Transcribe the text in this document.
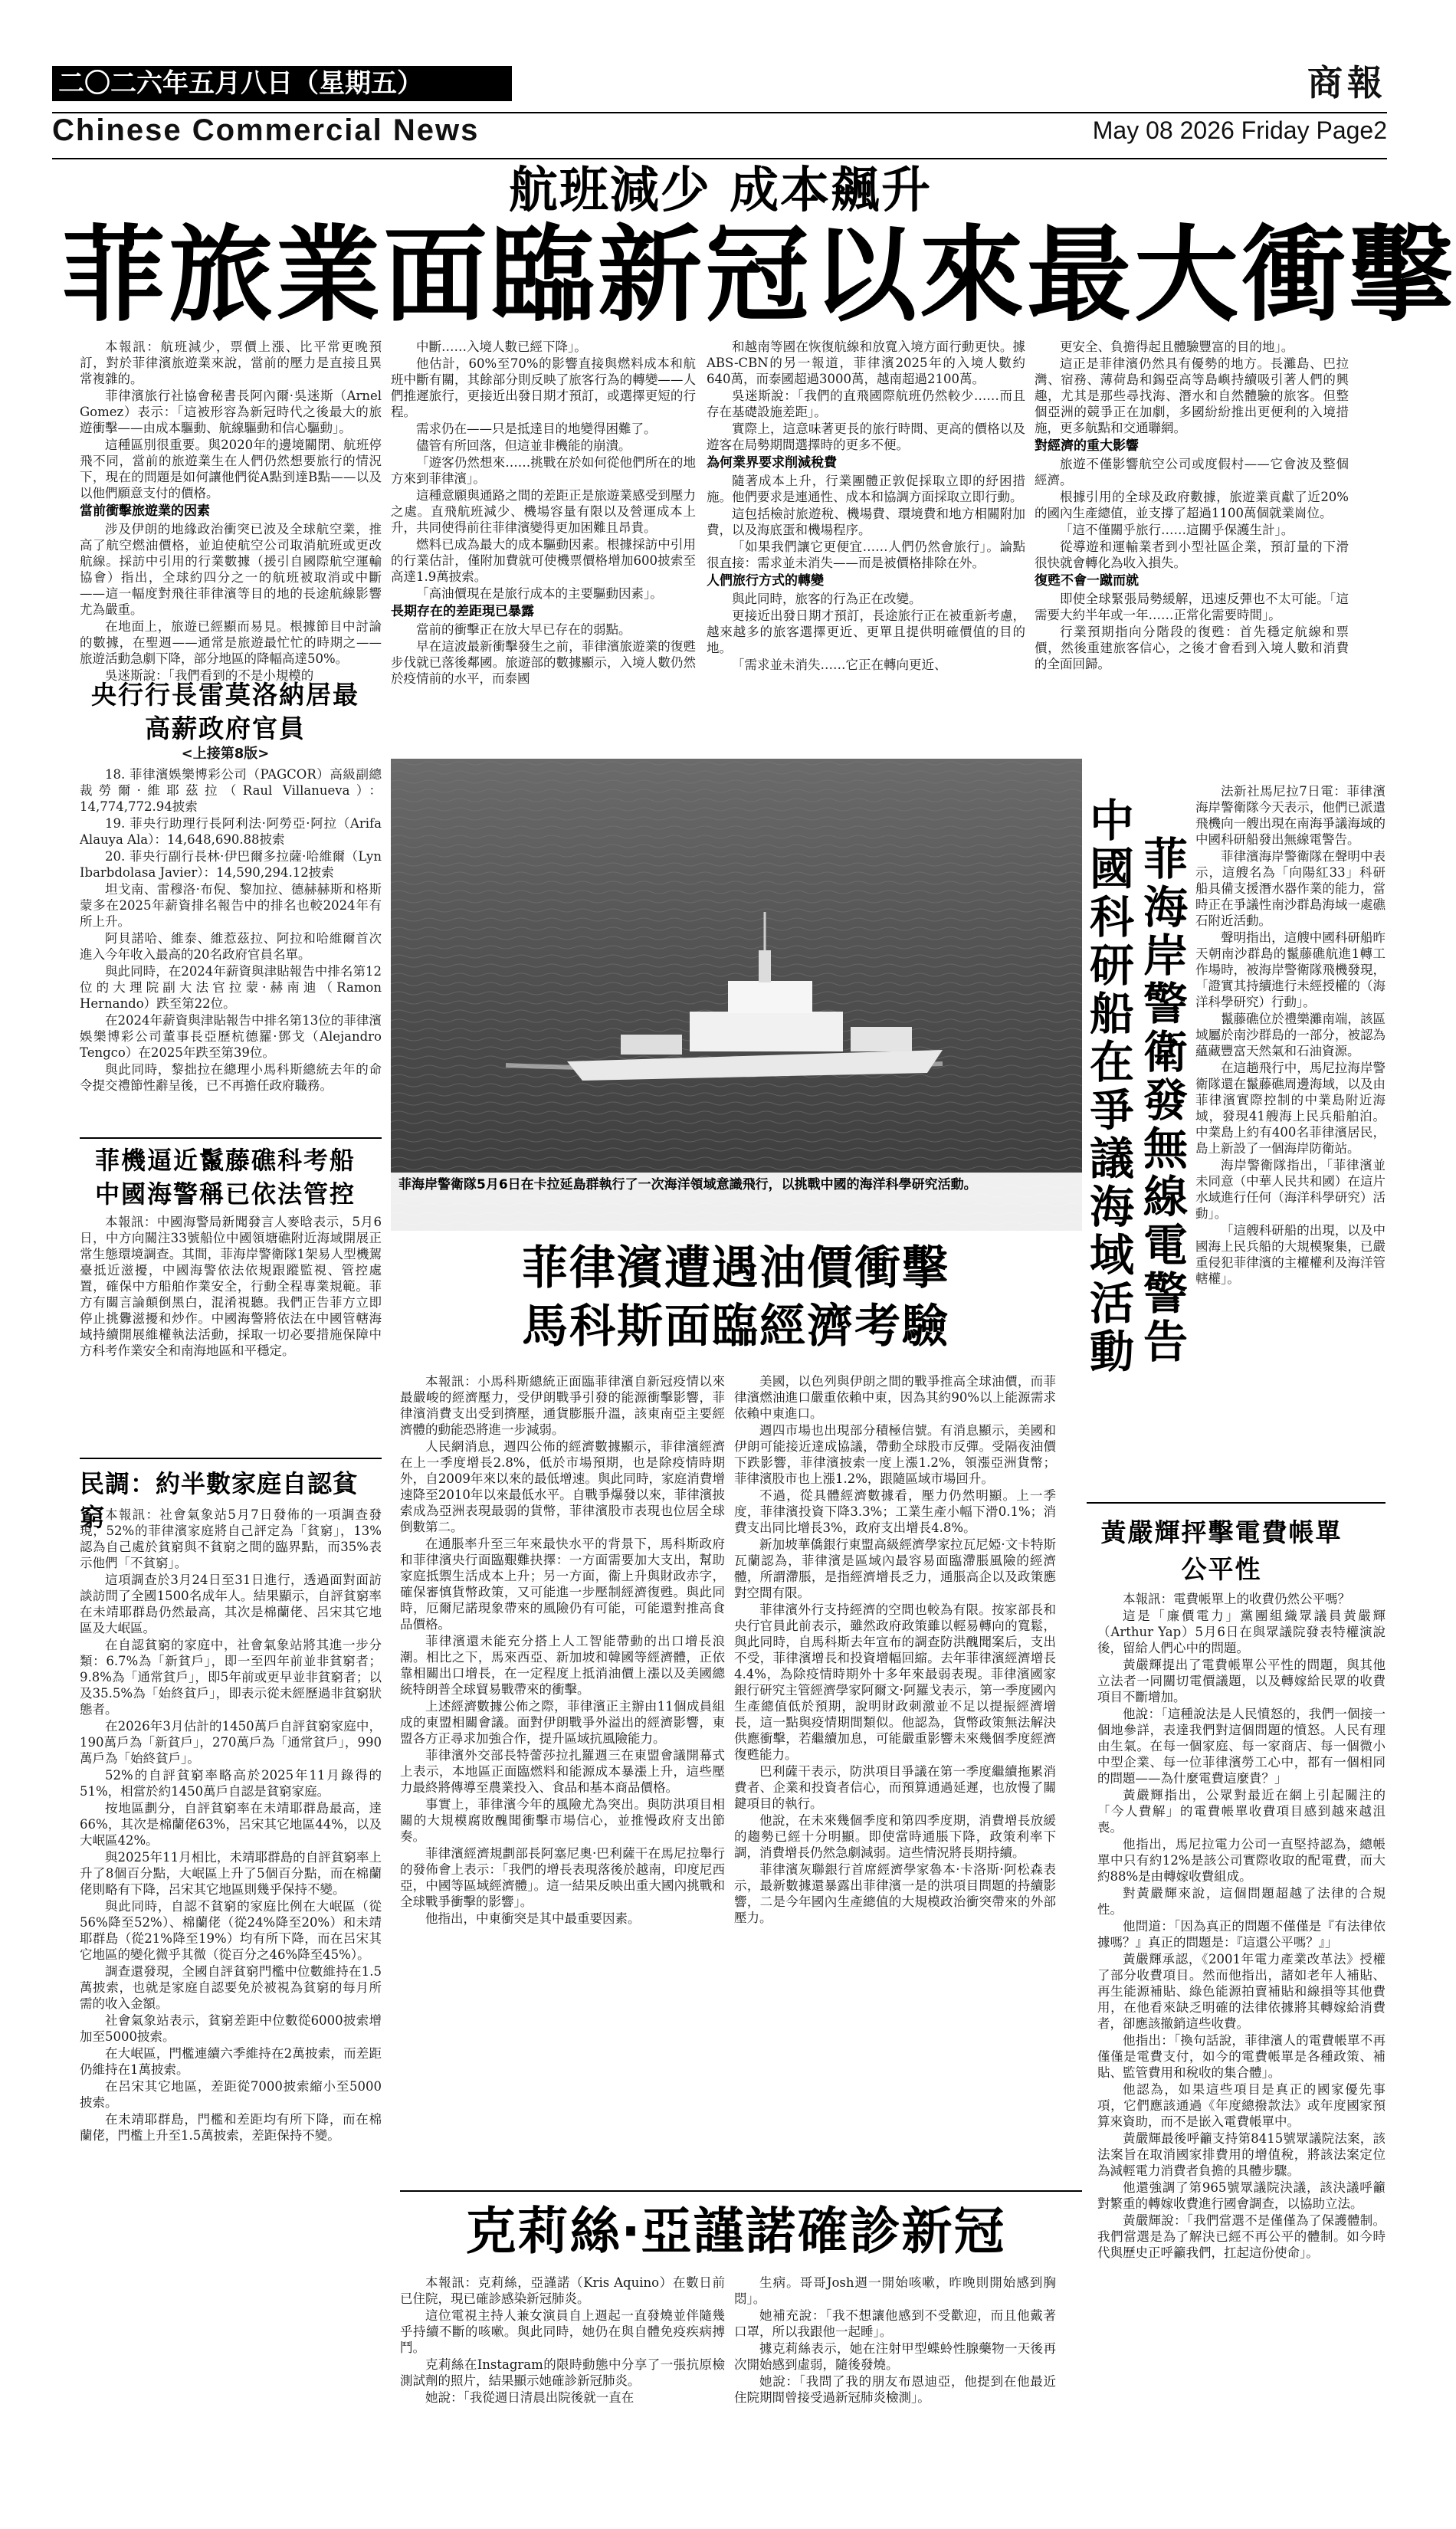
二〇二六年五月八日（星期五）	商報
Chinese Commercial News	May 08 2026 Friday Page2
航班減少 成本飆升
菲旅業面臨新冠以來最大衝擊
本報訊：航班減少，票價上漲、比平常更晚預訂，對於菲律濱旅遊業來說，當前的壓力是直接且異常複雜的。
菲律濱旅行社協會秘書長阿內爾·吳迷斯（Arnel Gomez）表示：「這被形容為新冠時代之後最大的旅遊衝擊——由成本驅動、航線驅動和信心驅動」。
這種區別很重要。與2020年的邊境關閉、航班停飛不同，當前的旅遊業生在人們仍然想要旅行的情況下，現在的問題是如何讓他們從A點到達B點——以及以他們願意支付的價格。
當前衝擊旅遊業的因素
涉及伊朗的地緣政治衝突已波及全球航空業，推高了航空燃油價格，並迫使航空公司取消航班或更改航線。採訪中引用的行業數據（援引自國際航空運輸協會）指出，全球約四分之一的航班被取消或中斷——這一幅度對飛往菲律濱等目的地的長途航線影響尤為嚴重。
在地面上，旅遊已經顯而易見。根據節目中討論的數據，在聖週——通常是旅遊最忙忙的時期之——旅遊活動急劇下降，部分地區的降幅高達50%。
吳迷斯說：「我們看到的不是小規模的
中斷……入境人數已經下降」。
他估計，60%至70%的影響直接與燃料成本和航班中斷有關，其餘部分則反映了旅客行為的轉變——人們推遲旅行，更接近出發日期才預訂，或選擇更短的行程。
需求仍在——只是抵達目的地變得困難了。
儘管有所回落，但這並非機能的崩潰。
「遊客仍然想來……挑戰在於如何從他們所在的地方來到菲律濱」。
這種意願與通路之間的差距正是旅遊業感受到壓力之處。直飛航班減少、機場容量有限以及營運成本上升，共同使得前往菲律濱變得更加困難且昂貴。
燃料已成為最大的成本驅動因素。根據採訪中引用的行業估計，僅附加費就可使機票價格增加600披索至高達1.9萬披索。
「高油價現在是旅行成本的主要驅動因素」。
長期存在的差距現已暴露
當前的衝擊正在放大早已存在的弱點。
早在這波最新衝擊發生之前，菲律濱旅遊業的復甦步伐就已落後鄰國。旅遊部的數據顯示，入境人數仍然於疫情前的水平，而泰國
和越南等國在恢復航線和放寬入境方面行動更快。據ABS-CBN的另一報道，菲律濱2025年的入境人數約640萬，而泰國超過3000萬，越南超過2100萬。
吳迷斯說：「我們的直飛國際航班仍然較少……而且存在基礎設施差距」。
實際上，這意味著更長的旅行時間、更高的價格以及遊客在局勢期間選擇時的更多不便。
為何業界要求削減稅費
隨著成本上升，行業團體正敦促採取立即的紓困措施。他們要求是連通性、成本和協調方面採取立即行動。
這包括檢討旅遊稅、機場費、環境費和地方相關附加費，以及海底蛋和機場程序。
「如果我們讓它更便宜……人們仍然會旅行」。論點很直接：需求並未消失——而是被價格排除在外。
人們旅行方式的轉變
與此同時，旅客的行為正在改變。
更接近出發日期才預訂，長途旅行正在被重新考慮，越來越多的旅客選擇更近、更單且提供明確價值的目的地。
「需求並未消失……它正在轉向更近、
更安全、負擔得起且體驗豐富的目的地」。
這正是菲律濱仍然具有優勢的地方。長灘島、巴拉灣、宿務、薄荷島和錫亞高等島嶼持續吸引著人們的興趣，尤其是那些尋找海、潛水和自然體驗的旅客。但整個亞洲的競爭正在加劇，多國紛紛推出更便利的入境措施，更多航點和交通聯網。
對經濟的重大影響
旅遊不僅影響航空公司或度假村——它會波及整個經濟。
根據引用的全球及政府數據，旅遊業貢獻了近20%的國內生產總值，並支撐了超過1100萬個就業崗位。
「這不僅關乎旅行……這關乎保護生計」。
從導遊和運輸業者到小型社區企業，預訂量的下滑很快就會轉化為收入損失。
復甦不會一蹴而就
即使全球緊張局勢緩解，迅速反彈也不太可能。「這需要大約半年或一年……正常化需要時間」。
行業預期指向分階段的復甦：首先穩定航線和票價，然後重建旅客信心，之後才會看到入境人數和消費的全面回歸。
央行行長雷莫洛納居最高薪政府官員
<上接第8版>
18. 菲律濱娛樂博彩公司（PAGCOR）高級副總裁勞爾·維耶茲拉（Raul Villanueva）：14,774,772.94披索
19. 菲央行助理行長阿利法·阿勞亞·阿拉（Arifa Alauya Ala）：14,648,690.88披索
20. 菲央行副行長林·伊巴爾多拉薩·哈維爾（Lyn Ibarbdolasa Javier）：14,590,294.12披索
坦戈南、雷穆洛·布倪、黎加拉、德赫赫斯和格斯蒙多在2025年薪資排名報告中的排名也較2024年有所上升。
阿貝諾哈、維泰、維惹茲拉、阿拉和哈維爾首次進入今年收入最高的20名政府官員名單。
與此同時，在2024年薪資與津貼報告中排名第12位的大理院副大法官拉蒙·赫南迪（Ramon Hernando）跌至第22位。
在2024年薪資與津貼報告中排名第13位的菲律濱娛樂博彩公司董事長亞歷杭德羅·鄧戈（Alejandro Tengco）在2025年跌至第39位。
與此同時，黎拙拉在總理小馬科斯總統去年的命令提交禮節性辭呈後，已不再擔任政府職務。
菲機逼近鬣藤礁科考船中國海警稱已依法管控
本報訊：中國海警局新聞發言人麥晗表示，5月6日，中方向關注33號船位中國領塘礁附近海域開展正常生態環境調查。其間，菲海岸警衛隊1架易人型機駕臺抵近滋擾，中國海警依法依規跟蹤監視、管控處置，確保中方船舶作業安全，行動全程專業規範。菲方有關言論顛倒黑白，混淆視聽。我們正告菲方立即停止挑釁滋擾和炒作。中國海警將依法在中國管轄海域持續開展維權執法活動，採取一切必要措施保障中方科考作業安全和南海地區和平穩定。
民調：約半數家庭自認貧窮 本報訊：社會氣象站5月7日發佈的一項調查發現，52%的菲律濱家庭將自己評定為「貧窮」，13%認為自己處於貧窮與不貧窮之間的臨界點，而35%表示他們「不貧窮」。
這項調查於3月24日至31日進行，透過面對面訪談訪問了全國1500名成年人。結果顯示，自評貧窮率在未靖耶群島仍然最高，其次是棉蘭佬、呂宋其它地區及大岷區。
在自認貧窮的家庭中，社會氣象站將其進一步分類：6.7%為「新貧戶」，即一至四年前並非貧窮者；9.8%為「通常貧戶」，即5年前或更早並非貧窮者；以及35.5%為「始終貧戶」，即表示從未經歷過非貧窮狀態者。
在2026年3月估計的1450萬戶自評貧窮家庭中，190萬戶為「新貧戶」，270萬戶為「通常貧戶」，990萬戶為「始終貧戶」。
52%的自評貧窮率略高於2025年11月錄得的51%，相當於約1450萬戶自認是貧窮家庭。
按地區劃分，自評貧窮率在未靖耶群島最高，達66%，其次是棉蘭佬63%，呂宋其它地區44%，以及大岷區42%。
與2025年11月相比，未靖耶群島的自評貧窮率上升了8個百分點，大岷區上升了5個百分點，而在棉蘭佬則略有下降，呂宋其它地區則幾乎保持不變。
與此同時，自認不貧窮的家庭比例在大岷區（從56%降至52%）、棉蘭佬（從24%降至20%）和未靖耶群島（從21%降至19%）均有所下降，而在呂宋其它地區的變化微乎其微（從百分之46%降至45%）。
調查還發現，全國自評貧窮門檻中位數維持在1.5萬披索，也就是家庭自認要免於被視為貧窮的每月所需的收入金額。
社會氣象站表示，貧窮差距中位數從6000披索增加至5000披索。
在大岷區，門檻連續六季維持在2萬披索，而差距仍維持在1萬披索。
在呂宋其它地區，差距從7000披索縮小至5000披索。
在未靖耶群島，門檻和差距均有所下降，而在棉蘭佬，門檻上升至1.5萬披索，差距保持不變。
菲海岸警衛隊5月6日在卡拉延島群執行了一次海洋領域意識飛行，以挑戰中國的海洋科學研究活動。
中國科研船在爭議海域活動
菲海岸警衛發無線電警告
法新社馬尼拉7日電：菲律濱海岸警衛隊今天表示，他們已派遣飛機向一艘出現在南海爭議海域的中國科研船發出無線電警告。
菲律濱海岸警衛隊在聲明中表示，這艘名為「向陽紅33」科研船具備支援潛水器作業的能力，當時正在爭議性南沙群島海域一處礁石附近活動。
聲明指出，這艘中國科研船昨天朝南沙群島的鬣藤礁航進1轉工作場時，被海岸警衛隊飛機發現，「證實其持續進行未經授權的（海洋科學研究）行動」。
鬣藤礁位於禮樂灘南端，該區域屬於南沙群島的一部分，被認為蘊藏豐富天然氣和石油資源。
在這趟飛行中，馬尼拉海岸警衛隊還在鬣藤礁周邊海域，以及由菲律濱實際控制的中業島附近海域，發現41艘海上民兵船舶泊。中業島上約有400名菲律濱居民，島上新設了一個海岸防衛站。
海岸警衛隊指出，「菲律濱並未同意（中華人民共和國）在這片水域進行任何（海洋科學研究）活動」。
「這艘科研船的出現，以及中國海上民兵船的大規模聚集，已嚴重侵犯菲律濱的主權權利及海洋管轄權」。
菲律濱遭遇油價衝擊
馬科斯面臨經濟考驗
本報訊：小馬科斯總統正面臨菲律濱自新冠疫情以來最嚴峻的經濟壓力，受伊朗戰爭引發的能源衝擊影響，菲律濱消費支出受到擠壓，通貨膨脹升溫，該東南亞主要經濟體的動能恐將進一步減弱。
人民網消息，週四公佈的經濟數據顯示，菲律濱經濟在上一季度增長2.8%，低於市場預期，也是除疫情時期外，自2009年來以來的最低增速。與此同時，家庭消費增速降至2010年以來最低水平。自戰爭爆發以來，菲律濱披索成為亞洲表現最弱的貨幣，菲律濱股市表現也位居全球倒數第二。
在通脹率升至三年來最快水平的背景下，馬科斯政府和菲律濱央行面臨艱難抉擇：一方面需要加大支出，幫助家庭抵禦生活成本上升；另一方面，衞上升與財政赤字，確保審慎貨幣政策，又可能進一步壓制經濟復甦。與此同時，厄爾尼諾現象帶來的風險仍有可能，可能還對推高食品價格。
菲律濱還未能充分搭上人工智能帶動的出口增長浪潮。相比之下，馬來西亞、新加坡和韓國等經濟體，正依靠相關出口增長，在一定程度上抵消油價上漲以及美國總統特朗普全球貿易戰帶來的衝擊。
上述經濟數據公佈之際，菲律濱正主辦由11個成員組成的東盟相關會議。面對伊朗戰爭外溢出的經濟影響，東盟各方正尋求加強合作，提升區域抗風險能力。
菲律濱外交部長特蕾莎拉扎羅週三在東盟會議開幕式上表示，本地區正面臨燃料和能源成本暴漲上升，這些壓力最終將傳導至農業投入、食品和基本商品價格。
事實上，菲律濱今年的風險尤為突出。與防洪項目相關的大規模腐敗醜聞衝擊市場信心，並推慢政府支出節奏。
菲律濱經濟規劃部長阿塞尼奧·巴利薩干在馬尼拉舉行的發佈會上表示：「我們的增長表現落後於越南，印度尼西亞，中國等區域經濟體」。這一結果反映出重大國內挑戰和全球戰爭衝擊的影響」。
他指出，中東衝突是其中最重要因素。
美國，以色列與伊朗之間的戰爭推高全球油價，而菲律濱燃油進口嚴重依賴中東，因為其約90%以上能源需求依賴中東進口。
週四市場也出現部分積極信號。有消息顯示，美國和伊朗可能接近達成協議，帶動全球股市反彈。受隔夜油價下跌影響，菲律濱披索一度上漲1.2%，領漲亞洲貨幣；菲律濱股市也上漲1.2%，跟隨區域市場回升。
不過，從具體經濟數據看，壓力仍然明顯。上一季度，菲律濱投資下降3.3%；工業生產小幅下滑0.1%；消費支出同比增長3%，政府支出增長4.8%。
新加坡華僑銀行東盟高級經濟學家拉瓦尼婭·文卡特斯瓦蘭認為，菲律濱是區域內最容易面臨滯脹風險的經濟體，所謂滯脹，是指經濟增長乏力，通脹高企以及政策應對空間有限。
菲律濱外行支持經濟的空間也較為有限。按家部長和央行官員此前表示，雖然政府政策雖以輕易轉向的寬鬆，與此同時，自馬科斯去年宣布的調查防洪醜聞案后，支出不受，菲律濱增長和投資增幅回縮。去年菲律濱經濟增長4.4%，為除疫情時期外十多年來最弱表現。菲律濱國家銀行研究主管經濟學家阿爾文·阿羅戈表示，第一季度國內生產總值低於預期，說明財政刺激並不足以提振經濟增長，這一點與疫情期間類似。他認為，貨幣政策無法解決供應衝擊，若繼續加息，可能嚴重影響未來幾個季度經濟復甦能力。
巴利薩干表示，防洪項目爭議在第一季度繼續拖累消費者、企業和投資者信心，而預算通過延遲，也放慢了關鍵項目的執行。
他說，在未來幾個季度和第四季度期，消費增長放緩的趨勢已經十分明顯。即使當時通脹下降，政策利率下調，消費增長仍然急劇減弱。這些情況將長期持續。
菲律濱灰聯銀行首席經濟學家魯本·卡洛斯·阿松森表示，最新數據還暴露出菲律濱一是的洪項目問題的持續影響，二是今年國內生產總值的大規模政治衝突帶來的外部壓力。
黃嚴輝抨擊電費帳單公平性
本報訊：電費帳單上的收費仍然公平嗎？
這是「廉價電力」黨團組織眾議員黃嚴輝（Arthur Yap）5月6日在與眾議院發表特權演說後，留給人們心中的問題。
黃嚴輝提出了電費帳單公平性的問題，與其他立法者一同關切電價議題，以及轉嫁給民眾的收費項目不斷增加。
他說：「這種說法是人民憤怒的，我們一個接一個地參詳，表達我們對這個問題的憤怒。人民有理由生氣。在每一個家庭、每一家商店、每一個微小中型企業、每一位菲律濱勞工心中，都有一個相同的問題——為什麼電費這麼貴？」
黃嚴輝指出，公眾對最近在網上引起關注的「今人費解」的電費帳單收費項目感到越來越沮喪。
他指出，馬尼拉電力公司一直堅持認為，總帳單中只有約12%是該公司實際收取的配電費，而大約88%是由轉嫁收費組成。
對黃嚴輝來說，這個問題超越了法律的合規性。
他問道：「因為真正的問題不僅僅是『有法律依據嗎？』真正的問題是：『這還公平嗎？』」
黃嚴輝承認，《2001年電力產業改革法》授權了部分收費項目。然而他指出，諸如老年人補貼、再生能源補貼、綠色能源拍賣補貼和線損等其他費用，在他看來缺乏明確的法律依據將其轉嫁給消費者，卻應該撤銷這些收費。
他指出：「換句話說，菲律濱人的電費帳單不再僅僅是電費支付，如今的電費帳單是各種政策、補貼、監管費用和稅收的集合體」。
他認為，如果這些項目是真正的國家優先事項，它們應該通過《年度總撥款法》或年度國家預算來資助，而不是嵌入電費帳單中。
黃嚴輝最後呼籲支持第8415號眾議院法案，該法案旨在取消國家排費用的增值稅，將該法案定位為減輕電力消費者負擔的具體步驟。
他還強調了第965號眾議院決議，該決議呼籲對繁重的轉嫁收費進行國會調查，以協助立法。
黃嚴輝說：「我們當選不是僅僅為了保護體制。我們當選是為了解決已經不再公平的體制。如今時代與歷史正呼籲我們，扛起這份使命」。
克莉絲‧亞謹諾確診新冠
本報訊：克莉絲，亞謹諾（Kris Aquino）在數日前已住院，現已確診感染新冠肺炎。
這位電視主持人兼女演員自上週起一直發燒並伴隨幾乎持續不斷的咳嗽。與此同時，她仍在與自體免疫疾病搏鬥。
克莉絲在Instagram的限時動態中分享了一張抗原檢測試劑的照片，結果顯示她確診新冠肺炎。
她說：「我從週日清晨出院後就一直在
生病。哥哥Josh週一開始咳嗽，昨晚則開始感到胸悶」。
她補充說：「我不想讓他感到不受歡迎，而且他戴著口罩，所以我跟他一起睡」。
據克莉絲表示，她在注射甲型蝶蛉性腺藥物一天後再次開始感到虛弱，隨後發燒。
她說：「我問了我的朋友布恩迪亞，他提到在他最近住院期間曾接受過新冠肺炎檢測」。
